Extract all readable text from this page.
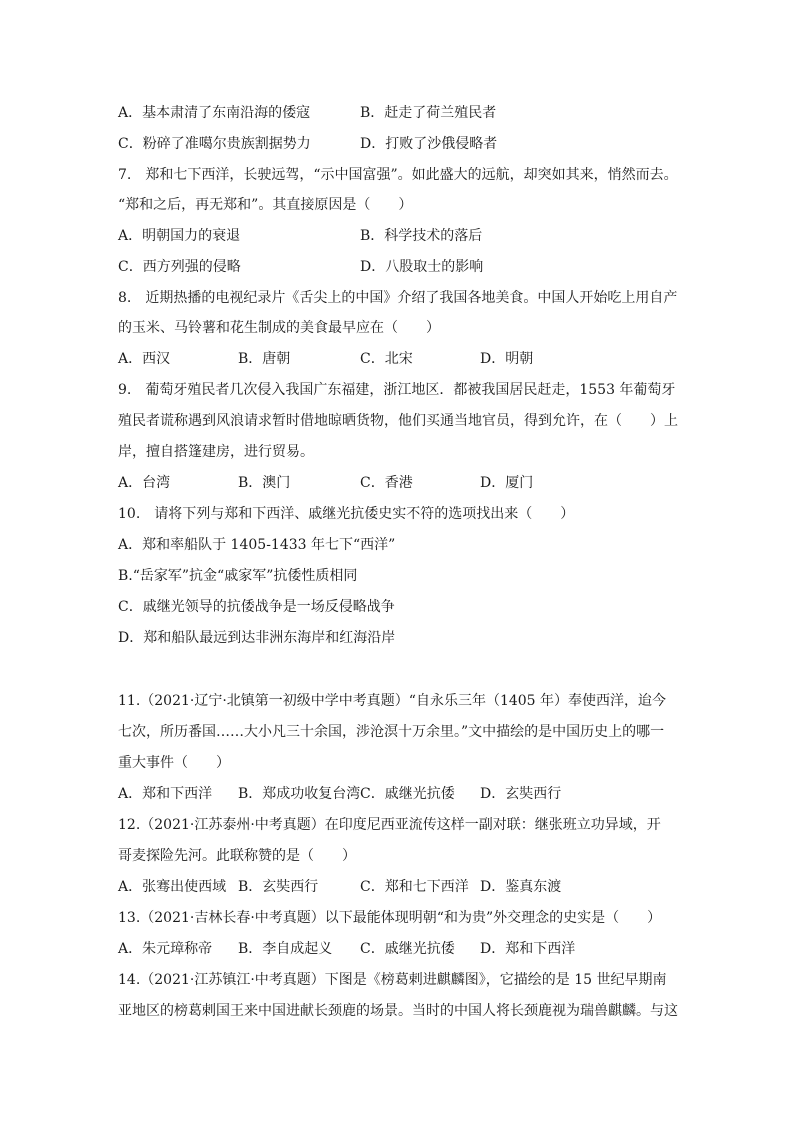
A．基本肃清了东南沿海的倭寇	B．赶走了荷兰殖民者
C．粉碎了准噶尔贵族割据势力	D．打败了沙俄侵略者
7.　郑和七下西洋，长驶远驾，“示中国富强”。如此盛大的远航，却突如其来，悄然而去。
“郑和之后，再无郑和”。其直接原因是（　　）
A．明朝国力的衰退	B．科学技术的落后
C．西方列强的侵略	D．八股取士的影响
8.　近期热播的电视纪录片《舌尖上的中国》介绍了我国各地美食。中国人开始吃上用自产
的玉米、马铃薯和花生制成的美食最早应在（　　）
A．西汉	B．唐朝	C．北宋	D．明朝
9.　葡萄牙殖民者几次侵入我国广东福建，浙江地区．都被我国居民赶走，1553 年葡萄牙
殖民者谎称遇到风浪请求暂时借地晾晒货物，他们买通当地官员，得到允许，在（　　）上
岸，擅自搭篷建房，进行贸易。
A．台湾	B．澳门	C．香港	D．厦门
10.　请将下列与郑和下西洋、戚继光抗倭史实不符的选项找出来（　　）
A．郑和率船队于 1405-1433 年七下“西洋”
B.“岳家军”抗金“戚家军”抗倭性质相同
C．戚继光领导的抗倭战争是一场反侵略战争
D．郑和船队最远到达非洲东海岸和红海沿岸
11.（2021·辽宁·北镇第一初级中学中考真题）“自永乐三年（1405 年）奉使西洋，迨今
七次，所历番国……大小凡三十余国，涉沧溟十万余里。”文中描绘的是中国历史上的哪一
重大事件（　　）
A．郑和下西洋 B．郑成功收复台湾 C．戚继光抗倭 D．玄奘西行
12.（2021·江苏泰州·中考真题）在印度尼西亚流传这样一副对联：继张班立功异域，开
哥麦探险先河。此联称赞的是（　　）
A．张骞出使西域 B．玄奘西行	C．郑和七下西洋 D．鉴真东渡
13.（2021·吉林长春·中考真题）以下最能体现明朝“和为贵”外交理念的史实是（　　）
A．朱元璋称帝 B．李自成起义 C．戚继光抗倭 D．郑和下西洋
14.（2021·江苏镇江·中考真题）下图是《榜葛剌进麒麟图》，它描绘的是 15 世纪早期南
亚地区的榜葛剌国王来中国进献长颈鹿的场景。当时的中国人将长颈鹿视为瑞兽麒麟。与这
